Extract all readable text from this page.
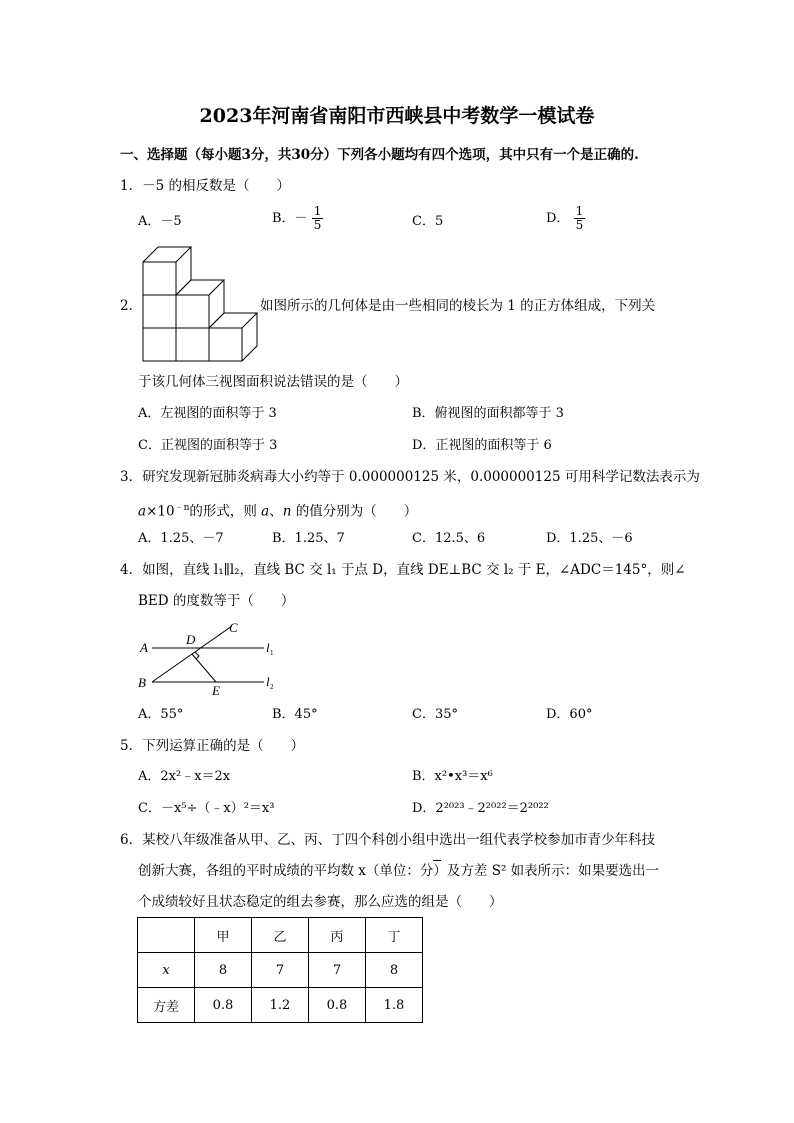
2023年河南省南阳市西峡县中考数学一模试卷
一、选择题（每小题3分，共30分）下列各小题均有四个选项，其中只有一个是正确的.
1．－5 的相反数是（　　）
A．－5	B．－ $\frac{1}{5}$	C．5	D． $\frac{1}{5}$
2．	如图所示的几何体是由一些相同的棱长为 1 的正方体组成，下列关
于该几何体三视图面积说法错误的是（　　）
A．左视图的面积等于 3	B．俯视图的面积都等于 3
C．正视图的面积等于 3	D．正视图的面积等于 6
3．研究发现新冠肺炎病毒大小约等于 0.000000125 米，0.000000125 可用科学记数法表示为
$a\times 10^{﹣n}$的形式，则 a、n 的值分别为（　　）
A．1.25、－7	B．1.25、7	C．12.5、6	D．1.25、－6
4．如图，直线 l₁∥l₂，直线 BC 交 l₁ 于点 D，直线 DE⊥BC 交 l₂ 于 E，∠ADC＝145°，则∠
BED 的度数等于（　　）
A
B
C
D
E
l 1
l 2
A．55°	B．45°	C．35°	D．60°
5．下列运算正确的是（　　）
A．2x²﹣x＝2x	B．x²•x³＝x⁶
C．－x⁵÷（﹣x）²＝x³	D．2²⁰²³﹣2²⁰²²＝2²⁰²²
6．某校八年级准备从甲、乙、丙、丁四个科创小组中选出一组代表学校参加市青少年科技
创新大赛，各组的平时成绩的平均数 x（单位：分）及方差 S² 如表所示：如果要选出一
个成绩较好且状态稳定的组去参赛，那么应选的组是（　　）
	甲	乙	丙	丁
x	8	7	7	8
方差	0.8	1.2	0.8	1.8
